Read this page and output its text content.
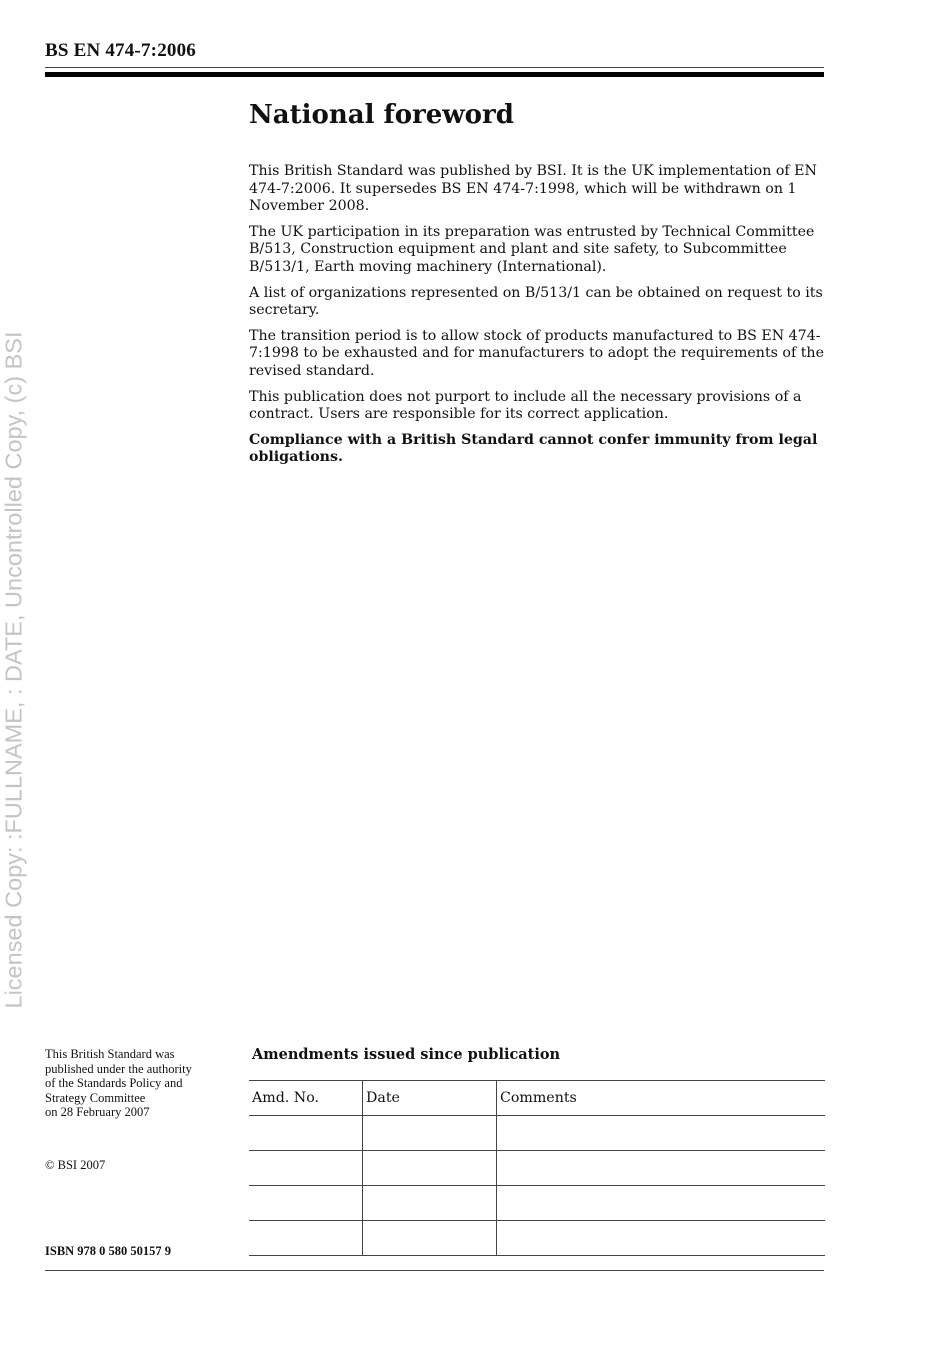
BS EN 474-7:2006
National foreword

This British Standard was published by BSI. It is the UK implementation of EN 474-7:2006. It supersedes BS EN 474-7:1998, which will be withdrawn on 1 November 2008.

The UK participation in its preparation was entrusted by Technical Committee B/513, Construction equipment and plant and site safety, to Subcommittee B/513/1, Earth moving machinery (International).

A list of organizations represented on B/513/1 can be obtained on request to its secretary.

The transition period is to allow stock of products manufactured to BS EN 474-7:1998 to be exhausted and for manufacturers to adopt the requirements of the revised standard.

This publication does not purport to include all the necessary provisions of a contract. Users are responsible for its correct application.

Compliance with a British Standard cannot confer immunity from legal obligations.

Licensed Copy: :FULLNAME, : DATE, Uncontrolled Copy, (c) BSI
This British Standard was
published under the authority
of the Standards Policy and
Strategy Committee
on 28 February 2007
© BSI 2007
ISBN 978 0 580 50157 9
Amendments issued since publication
Amd. No.	Date	Comments
